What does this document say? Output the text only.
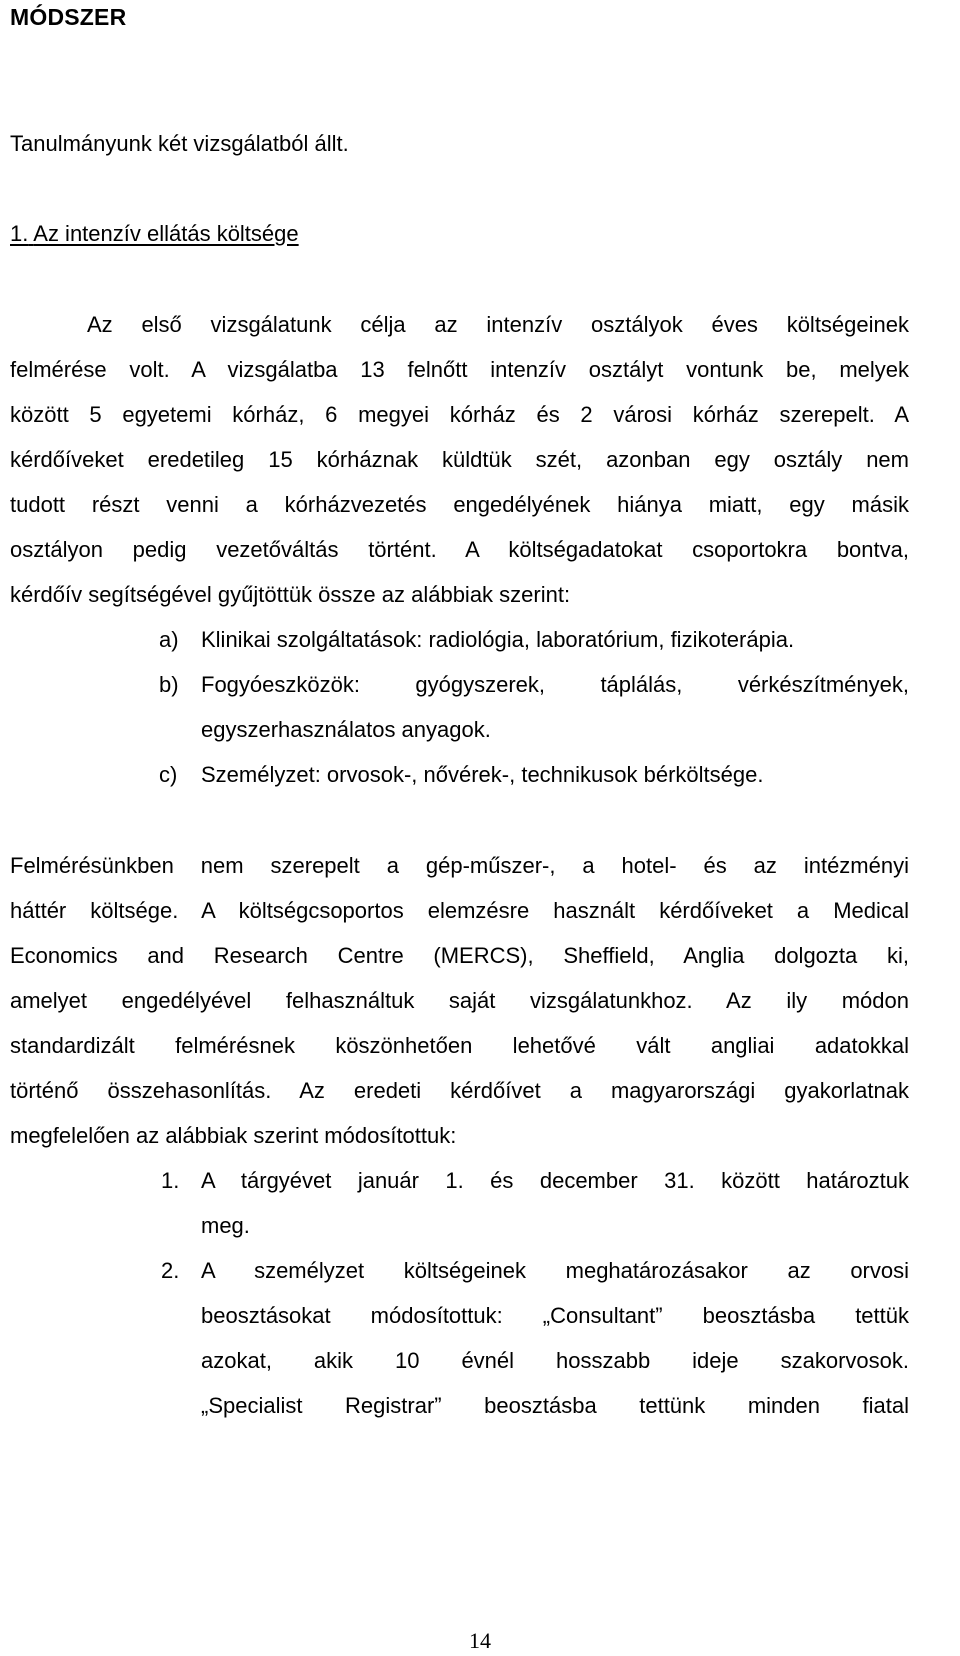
MÓDSZER
Tanulmányunk két vizsgálatból állt.
1. Az intenzív ellátás költsége
Az első vizsgálatunk célja az intenzív osztályok éves költségeinek
felmérése volt. A vizsgálatba 13 felnőtt intenzív osztályt vontunk be, melyek
között 5 egyetemi kórház, 6 megyei kórház és 2 városi kórház szerepelt. A
kérdőíveket eredetileg 15 kórháznak küldtük szét, azonban egy osztály nem
tudott részt venni a kórházvezetés engedélyének hiánya miatt, egy másik
osztályon pedig vezetőváltás történt. A költségadatokat csoportokra bontva,
kérdőív segítségével gyűjtöttük össze az alábbiak szerint:
a) Klinikai szolgáltatások: radiológia, laboratórium, fizikoterápia.
b) Fogyóeszközök: gyógyszerek, táplálás, vérkészítmények,
egyszerhasználatos anyagok.
c) Személyzet: orvosok-, nővérek-, technikusok bérköltsége.
Felmérésünkben nem szerepelt a gép-műszer-, a hotel- és az intézményi
háttér költsége. A költségcsoportos elemzésre használt kérdőíveket a Medical
Economics and Research Centre (MERCS), Sheffield, Anglia dolgozta ki,
amelyet engedélyével felhasználtuk saját vizsgálatunkhoz. Az ily módon
standardizált felmérésnek köszönhetően lehetővé vált angliai adatokkal
történő összehasonlítás. Az eredeti kérdőívet a magyarországi gyakorlatnak
megfelelően az alábbiak szerint módosítottuk:
1. A tárgyévet január 1. és december 31. között határoztuk
meg.
2. A személyzet költségeinek meghatározásakor az orvosi
beosztásokat módosítottuk: „Consultant” beosztásba tettük
azokat, akik 10 évnél hosszabb ideje szakorvosok.
„Specialist Registrar” beosztásba tettünk minden fiatal
14
